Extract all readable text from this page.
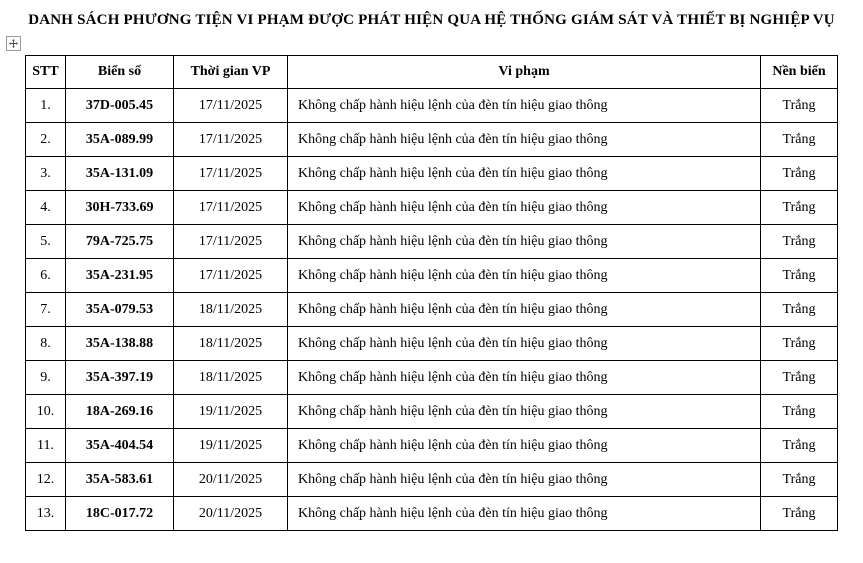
DANH SÁCH PHƯƠNG TIỆN VI PHẠM ĐƯỢC PHÁT HIỆN QUA HỆ THỐNG GIÁM SÁT VÀ THIẾT BỊ NGHIỆP VỤ
STT	Biển số	Thời gian VP	Vi phạm	Nền biển
1.	37D-005.45	17/11/2025	Không chấp hành hiệu lệnh của đèn tín hiệu giao thông	Trắng
2.	35A-089.99	17/11/2025	Không chấp hành hiệu lệnh của đèn tín hiệu giao thông	Trắng
3.	35A-131.09	17/11/2025	Không chấp hành hiệu lệnh của đèn tín hiệu giao thông	Trắng
4.	30H-733.69	17/11/2025	Không chấp hành hiệu lệnh của đèn tín hiệu giao thông	Trắng
5.	79A-725.75	17/11/2025	Không chấp hành hiệu lệnh của đèn tín hiệu giao thông	Trắng
6.	35A-231.95	17/11/2025	Không chấp hành hiệu lệnh của đèn tín hiệu giao thông	Trắng
7.	35A-079.53	18/11/2025	Không chấp hành hiệu lệnh của đèn tín hiệu giao thông	Trắng
8.	35A-138.88	18/11/2025	Không chấp hành hiệu lệnh của đèn tín hiệu giao thông	Trắng
9.	35A-397.19	18/11/2025	Không chấp hành hiệu lệnh của đèn tín hiệu giao thông	Trắng
10.	18A-269.16	19/11/2025	Không chấp hành hiệu lệnh của đèn tín hiệu giao thông	Trắng
11.	35A-404.54	19/11/2025	Không chấp hành hiệu lệnh của đèn tín hiệu giao thông	Trắng
12.	35A-583.61	20/11/2025	Không chấp hành hiệu lệnh của đèn tín hiệu giao thông	Trắng
13.	18C-017.72	20/11/2025	Không chấp hành hiệu lệnh của đèn tín hiệu giao thông	Trắng
